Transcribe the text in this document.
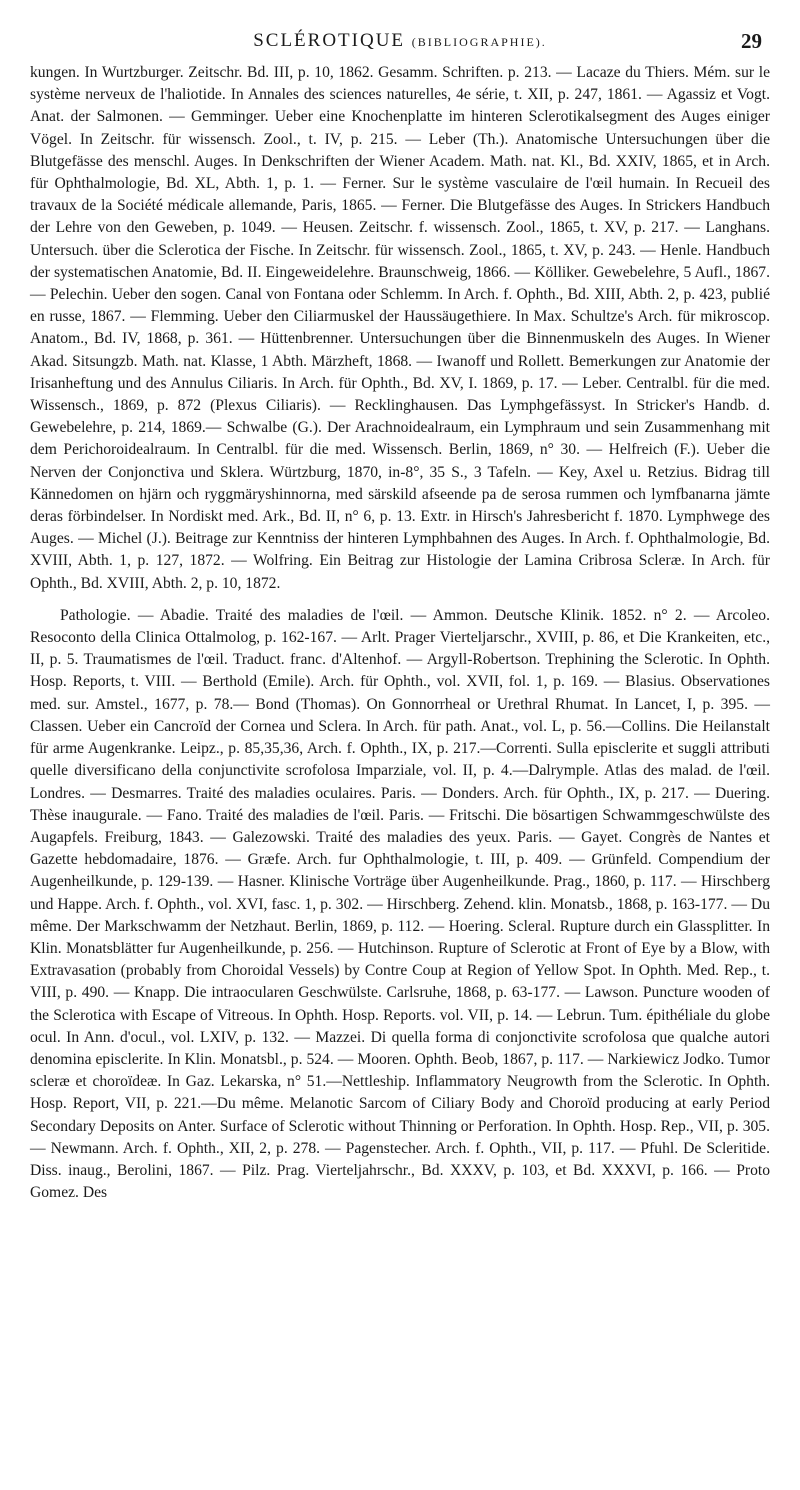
SCLÉROTIQUE (BIBLIOGRAPHIE).	29

kungen. In Wurtzburger. Zeitschr. Bd. III, p. 10, 1862. Gesamm. Schriften. p. 213. — Lacaze du Thiers. Mém. sur le système nerveux de l'haliotide. In Annales des sciences naturelles, 4e série, t. XII, p. 247, 1861. — Agassiz et Vogt. Anat. der Salmonen. — Gemminger. Ueber eine Knochenplatte im hinteren Sclerotikalsegment des Auges einiger Vögel. In Zeitschr. für wissensch. Zool., t. IV, p. 215. — Leber (Th.). Anatomische Untersuchungen über die Blutgefässe des menschl. Auges. In Denkschriften der Wiener Academ. Math. nat. Kl., Bd. XXIV, 1865, et in Arch. für Ophthalmologie, Bd. XL, Abth. 1, p. 1. — Ferner. Sur le système vasculaire de l'œil humain. In Recueil des travaux de la Société médicale allemande, Paris, 1865. — Ferner. Die Blutgefässe des Auges. In Strickers Handbuch der Lehre von den Geweben, p. 1049. — Heusen. Zeitschr. f. wissensch. Zool., 1865, t. XV, p. 217. — Langhans. Untersuch. über die Sclerotica der Fische. In Zeitschr. für wissensch. Zool., 1865, t. XV, p. 243. — Henle. Handbuch der systematischen Anatomie, Bd. II. Eingeweidelehre. Braunschweig, 1866. — Kölliker. Gewebelehre, 5 Aufl., 1867. — Pelechin. Ueber den sogen. Canal von Fontana oder Schlemm. In Arch. f. Ophth., Bd. XIII, Abth. 2, p. 423, publié en russe, 1867. — Flemming. Ueber den Ciliarmuskel der Haussäugethiere. In Max. Schultze's Arch. für mikroscop. Anatom., Bd. IV, 1868, p. 361. — Hüttenbrenner. Untersuchungen über die Binnenmuskeln des Auges. In Wiener Akad. Sitsungzb. Math. nat. Klasse, 1 Abth. Märzheft, 1868. — Iwanoff und Rollett. Bemerkungen zur Anatomie der Irisanheftung und des Annulus Ciliaris. In Arch. für Ophth., Bd. XV, I. 1869, p. 17. — Leber. Centralbl. für die med. Wissensch., 1869, p. 872 (Plexus Ciliaris). — Recklinghausen. Das Lymphgefässyst. In Stricker's Handb. d. Gewebelehre, p. 214, 1869.— Schwalbe (G.). Der Arachnoidealraum, ein Lymphraum und sein Zusammenhang mit dem Perichoroidealraum. In Centralbl. für die med. Wissensch. Berlin, 1869, n° 30. — Helfreich (F.). Ueber die Nerven der Conjonctiva und Sklera. Würtzburg, 1870, in-8°, 35 S., 3 Tafeln. — Key, Axel u. Retzius. Bidrag till Kännedomen on hjärn och ryggmäryshinnorna, med särskild afseende pa de serosa rummen och lymfbanarna jämte deras förbindelser. In Nordiskt med. Ark., Bd. II, n° 6, p. 13. Extr. in Hirsch's Jahresbericht f. 1870. Lymphwege des Auges. — Michel (J.). Beitrage zur Kenntniss der hinteren Lymphbahnen des Auges. In Arch. f. Ophthalmologie, Bd. XVIII, Abth. 1, p. 127, 1872. — Wolfring. Ein Beitrag zur Histologie der Lamina Cribrosa Scleræ. In Arch. für Ophth., Bd. XVIII, Abth. 2, p. 10, 1872.

Pathologie. — Abadie. Traité des maladies de l'œil. — Ammon. Deutsche Klinik. 1852. n° 2. — Arcoleo. Resoconto della Clinica Ottalmolog, p. 162-167. — Arlt. Prager Vierteljarschr., XVIII, p. 86, et Die Krankeiten, etc., II, p. 5. Traumatismes de l'œil. Traduct. franc. d'Altenhof. — Argyll-Robertson. Trephining the Sclerotic. In Ophth. Hosp. Reports, t. VIII. — Berthold (Emile). Arch. für Ophth., vol. XVII, fol. 1, p. 169. — Blasius. Observationes med. sur. Amstel., 1677, p. 78.— Bond (Thomas). On Gonnorrheal or Urethral Rhumat. In Lancet, I, p. 395. — Classen. Ueber ein Cancroïd der Cornea und Sclera. In Arch. für path. Anat., vol. L, p. 56.—Collins. Die Heilanstalt für arme Augenkranke. Leipz., p. 85,35,36, Arch. f. Ophth., IX, p. 217.—Correnti. Sulla episclerite et suggli attributi quelle diversificano della conjunctivite scrofolosa Imparziale, vol. II, p. 4.—Dalrymple. Atlas des malad. de l'œil. Londres. — Desmarres. Traité des maladies oculaires. Paris. — Donders. Arch. für Ophth., IX, p. 217. — Duering. Thèse inaugurale. — Fano. Traité des maladies de l'œil. Paris. — Fritschi. Die bösartigen Schwammgeschwülste des Augapfels. Freiburg, 1843. — Galezowski. Traité des maladies des yeux. Paris. — Gayet. Congrès de Nantes et Gazette hebdomadaire, 1876. — Græfe. Arch. fur Ophthalmologie, t. III, p. 409. — Grünfeld. Compendium der Augenheilkunde, p. 129-139. — Hasner. Klinische Vorträge über Augenheilkunde. Prag., 1860, p. 117. — Hirschberg und Happe. Arch. f. Ophth., vol. XVI, fasc. 1, p. 302. — Hirschberg. Zehend. klin. Monatsb., 1868, p. 163-177. — Du même. Der Markschwamm der Netzhaut. Berlin, 1869, p. 112. — Hoering. Scleral. Rupture durch ein Glassplitter. In Klin. Monatsblätter fur Augenheilkunde, p. 256. — Hutchinson. Rupture of Sclerotic at Front of Eye by a Blow, with Extravasation (probably from Choroidal Vessels) by Contre Coup at Region of Yellow Spot. In Ophth. Med. Rep., t. VIII, p. 490. — Knapp. Die intraocularen Geschwülste. Carlsruhe, 1868, p. 63-177. — Lawson. Puncture wooden of the Sclerotica with Escape of Vitreous. In Ophth. Hosp. Reports. vol. VII, p. 14. — Lebrun. Tum. épithéliale du globe ocul. In Ann. d'ocul., vol. LXIV, p. 132. — Mazzei. Di quella forma di conjonctivite scrofolosa que qualche autori denomina episclerite. In Klin. Monatsbl., p. 524. — Mooren. Ophth. Beob, 1867, p. 117. — Narkiewicz Jodko. Tumor scleræ et choroïdeæ. In Gaz. Lekarska, n° 51.—Nettleship. Inflammatory Neugrowth from the Sclerotic. In Ophth. Hosp. Report, VII, p. 221.—Du même. Melanotic Sarcom of Ciliary Body and Choroïd producing at early Period Secondary Deposits on Anter. Surface of Sclerotic without Thinning or Perforation. In Ophth. Hosp. Rep., VII, p. 305. — Newmann. Arch. f. Ophth., XII, 2, p. 278. — Pagenstecher. Arch. f. Ophth., VII, p. 117. — Pfuhl. De Scleritide. Diss. inaug., Berolini, 1867. — Pilz. Prag. Vierteljahrschr., Bd. XXXV, p. 103, et Bd. XXXVI, p. 166. — Proto Gomez. Des
